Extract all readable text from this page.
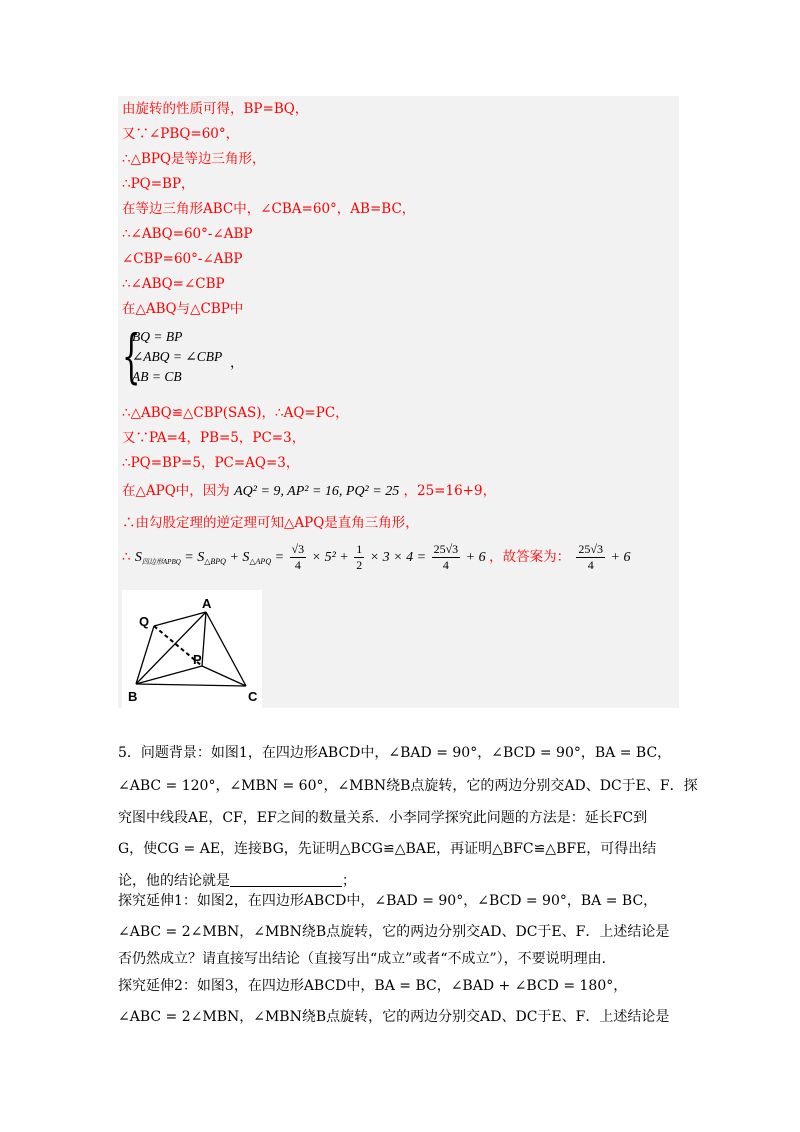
由旋转的性质可得，BP=BQ，
又∵∠PBQ=60°，
∴△BPQ是等边三角形，
∴PQ=BP，
在等边三角形ABC中，∠CBA=60°，AB=BC，
∴∠ABQ=60°-∠ABP
∠CBP=60°-∠ABP
∴∠ABQ=∠CBP
在△ABQ与△CBP中
{
BQ = BP
∠ABQ = ∠CBP
AB = CB
，
∴△ABQ≌△CBP(SAS)，∴AQ=PC，
又∵PA=4，PB=5，PC=3，
∴PQ=BP=5，PC=AQ=3，
在△APQ中，因为 AQ² = 9, AP² = 16, PQ² = 25 ，25=16+9，
∴由勾股定理的逆定理可知△APQ是直角三角形，
∴ $S_{四边形APBQ} = S_{\triangle BPQ} + S_{\triangle APQ} = \frac{√3}{4} \times 5^2 + \frac{1}{2} \times 3 \times 4 = \frac{25√3}{4} + 6$ ，故答案为： $\frac{25√3}{4} + 6$
Q
A
P
B	C
5．问题背景：如图1，在四边形ABCD中，∠BAD = 90°，∠BCD = 90°，BA = BC，
∠ABC = 120°，∠MBN = 60°，∠MBN绕B点旋转，它的两边分别交AD、DC于E、F．探
究图中线段AE，CF，EF之间的数量关系．小李同学探究此问题的方法是：延长FC到
G，使CG = AE，连接BG，先证明△BCG≌△BAE，再证明△BFC≌△BFE，可得出结
论，他的结论就是	；
探究延伸1：如图2，在四边形ABCD中，∠BAD = 90°，∠BCD = 90°，BA = BC，
∠ABC = 2∠MBN，∠MBN绕B点旋转，它的两边分别交AD、DC于E、F．上述结论是
否仍然成立？请直接写出结论（直接写出“成立”或者“不成立”），不要说明理由．
探究延伸2：如图3，在四边形ABCD中，BA = BC，∠BAD + ∠BCD = 180°，
∠ABC = 2∠MBN，∠MBN绕B点旋转，它的两边分别交AD、DC于E、F．上述结论是
